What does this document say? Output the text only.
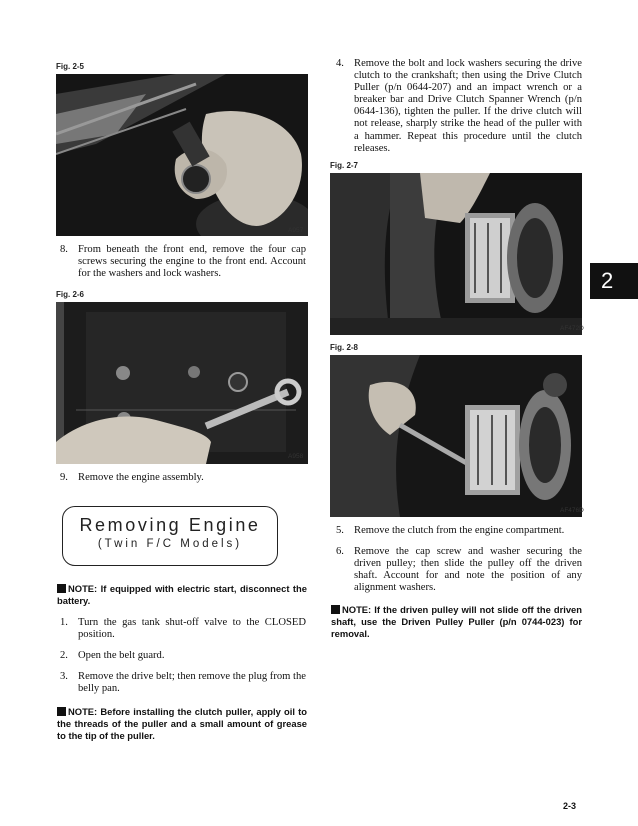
Fig. 2-5
A957
8. From beneath the front end, remove the four cap screws securing the engine to the front end. Account for the washers and lock washers.
Fig. 2-6
A958
9. Remove the engine assembly.
Removing Engine
(Twin F/C Models)
NOTE: If equipped with electric start, disconnect the battery.
1. Turn the gas tank shut-off valve to the CLOSED position.
2. Open the belt guard.
3. Remove the drive belt; then remove the plug from the belly pan.
NOTE: Before installing the clutch puller, apply oil to the threads of the puller and a small amount of grease to the tip of the puller.
4. Remove the bolt and lock washers securing the drive clutch to the crankshaft; then using the Drive Clutch Puller (p/n 0644-207) and an impact wrench or a breaker bar and Drive Clutch Spanner Wrench (p/n 0644-136), tighten the puller. If the drive clutch will not release, sharply strike the head of the puller with a hammer. Repeat this procedure until the clutch releases.
Fig. 2-7
AF472D
Fig. 2-8
AF476D
5. Remove the clutch from the engine compartment.
6. Remove the cap screw and washer securing the driven pulley; then slide the pulley off the driven shaft. Account for and note the position of any alignment washers.
NOTE: If the driven pulley will not slide off the driven shaft, use the Driven Pulley Puller (p/n 0744-023) for removal.
2
2-3
